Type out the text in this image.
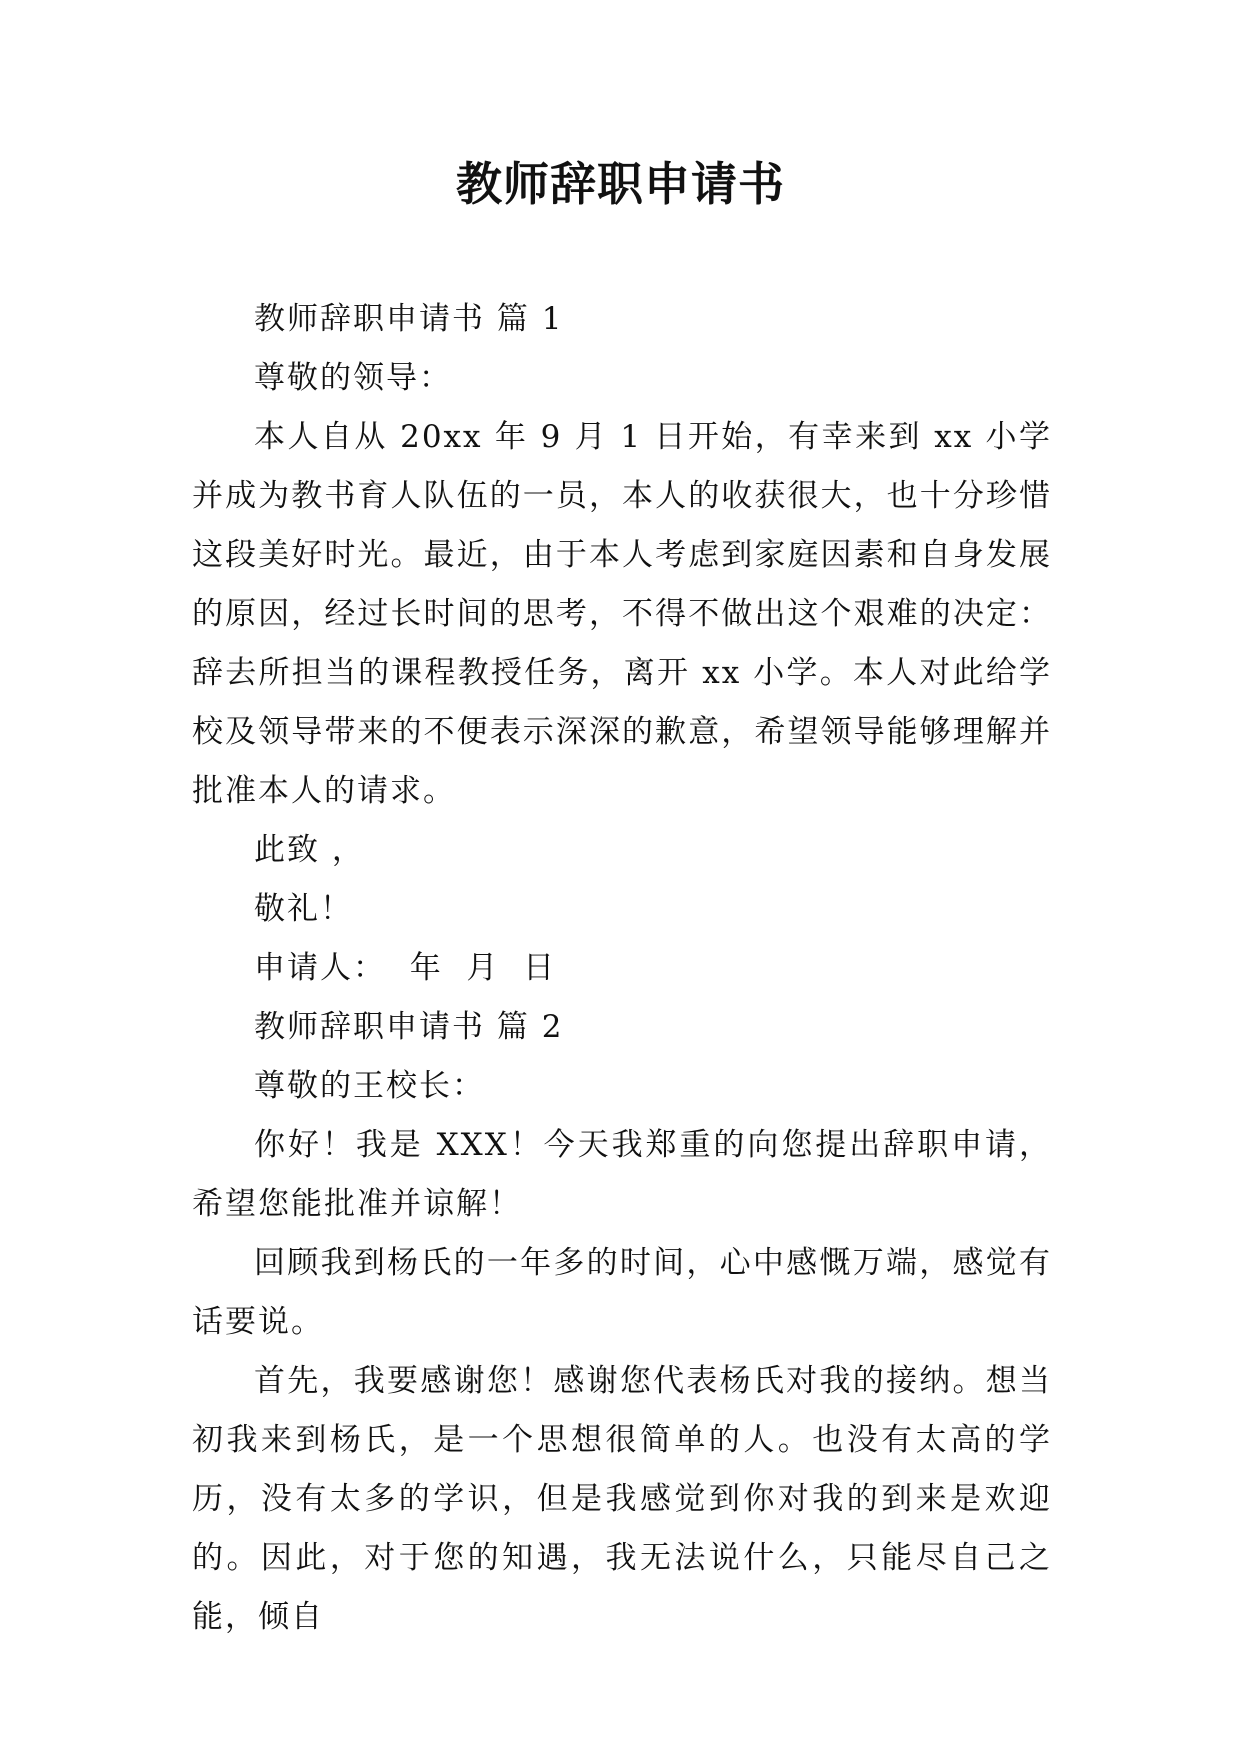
教师辞职申请书

教师辞职申请书 篇 1

尊敬的领导：

本人自从 20xx 年 9 月 1 日开始，有幸来到 xx 小学并成为教书育人队伍的一员，本人的收获很大，也十分珍惜这段美好时光。最近，由于本人考虑到家庭因素和自身发展的原因，经过长时间的思考，不得不做出这个艰难的决定：辞去所担当的课程教授任务，离开 xx 小学。本人对此给学校及领导带来的不便表示深深的歉意，希望领导能够理解并批准本人的请求。

此致 ，

敬礼！

申请人：  年  月  日

教师辞职申请书 篇 2

尊敬的王校长：

你好！我是 XXX！今天我郑重的向您提出辞职申请，希望您能批准并谅解！

回顾我到杨氏的一年多的时间，心中感慨万端，感觉有话要说。

首先，我要感谢您！感谢您代表杨氏对我的接纳。想当初我来到杨氏，是一个思想很简单的人。也没有太高的学历，没有太多的学识，但是我感觉到你对我的到来是欢迎的。因此，对于您的知遇，我无法说什么，只能尽自己之能，倾自
